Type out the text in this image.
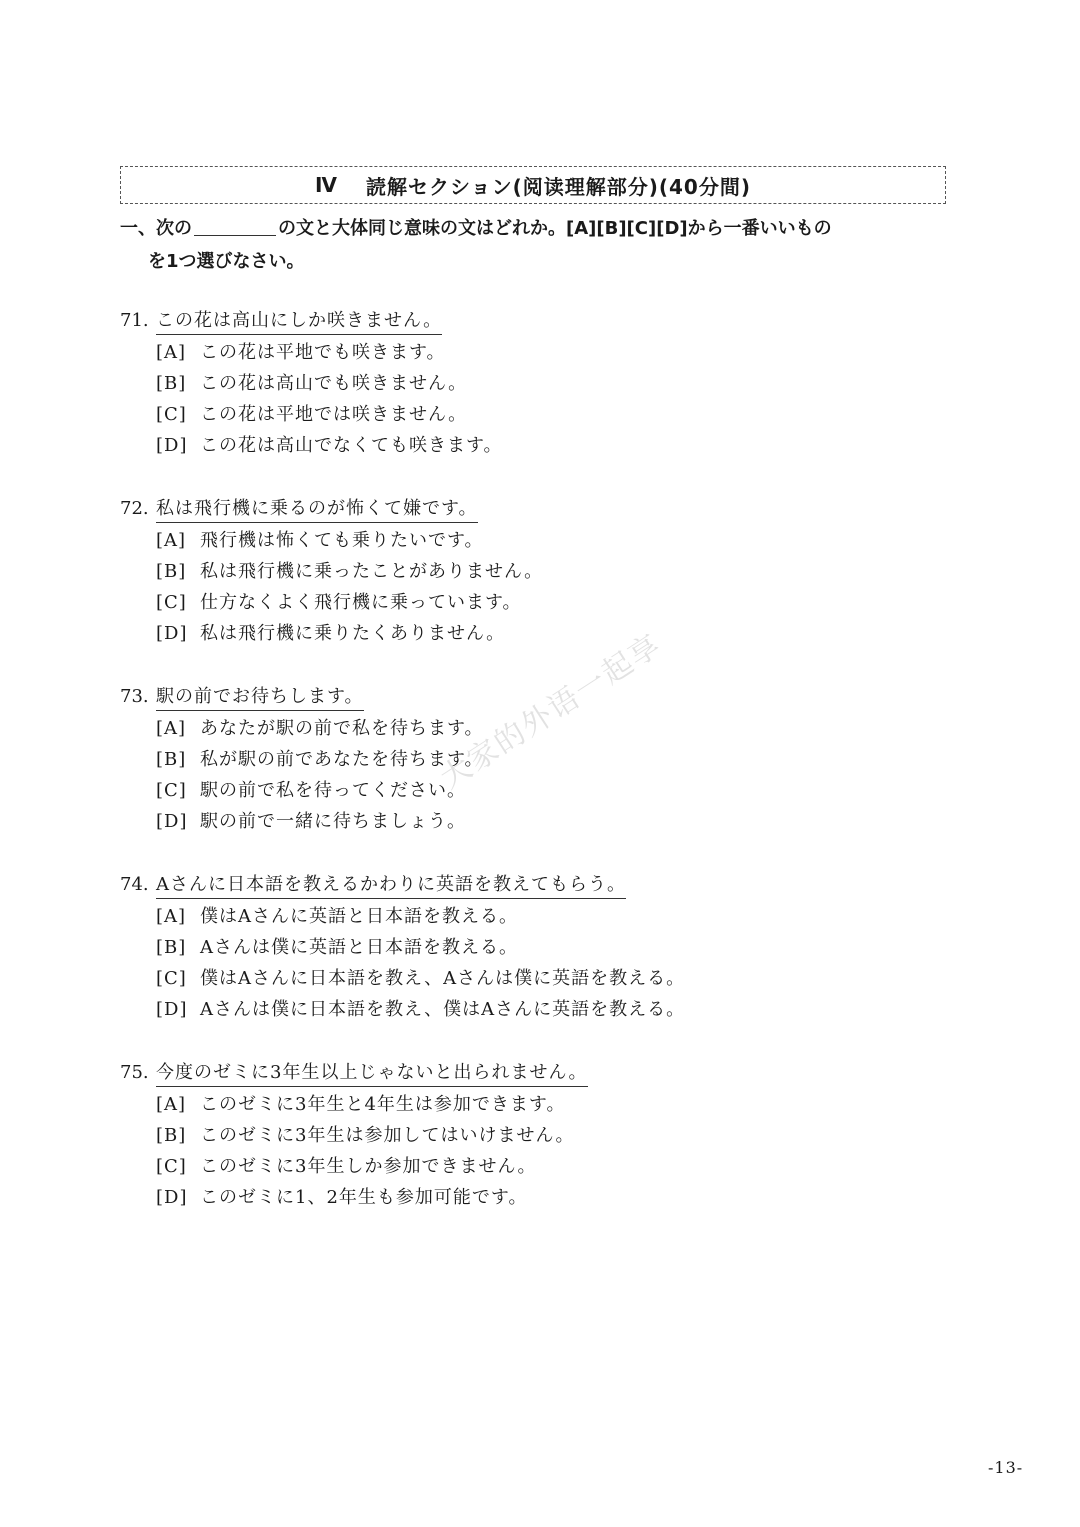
Ⅳ 読解セクション(阅读理解部分)(40分間)
一、次の	の文と大体同じ意味の文はどれか。[A][B][C][D]から一番いいもの
を1つ選びなさい。
71. この花は高山にしか咲きません。
[A] この花は平地でも咲きます。
[B] この花は高山でも咲きません。
[C] この花は平地では咲きません。
[D] この花は高山でなくても咲きます。
72. 私は飛行機に乗るのが怖くて嫌です。
[A] 飛行機は怖くても乗りたいです。
[B] 私は飛行機に乗ったことがありません。
[C] 仕方なくよく飛行機に乗っています。
[D] 私は飛行機に乗りたくありません。
73. 駅の前でお待ちします。
[A] あなたが駅の前で私を待ちます。
[B] 私が駅の前であなたを待ちます。
[C] 駅の前で私を待ってください。
[D] 駅の前で一緒に待ちましょう。
74. Aさんに日本語を教えるかわりに英語を教えてもらう。
[A] 僕はAさんに英語と日本語を教える。
[B] Aさんは僕に英語と日本語を教える。
[C] 僕はAさんに日本語を教え、Aさんは僕に英語を教える。
[D] Aさんは僕に日本語を教え、僕はAさんに英語を教える。
75. 今度のゼミに3年生以上じゃないと出られません。
[A] このゼミに3年生と4年生は参加できます。
[B] このゼミに3年生は参加してはいけません。
[C] このゼミに3年生しか参加できません。
[D] このゼミに1、2年生も参加可能です。
大家的外语一起享
-13-
